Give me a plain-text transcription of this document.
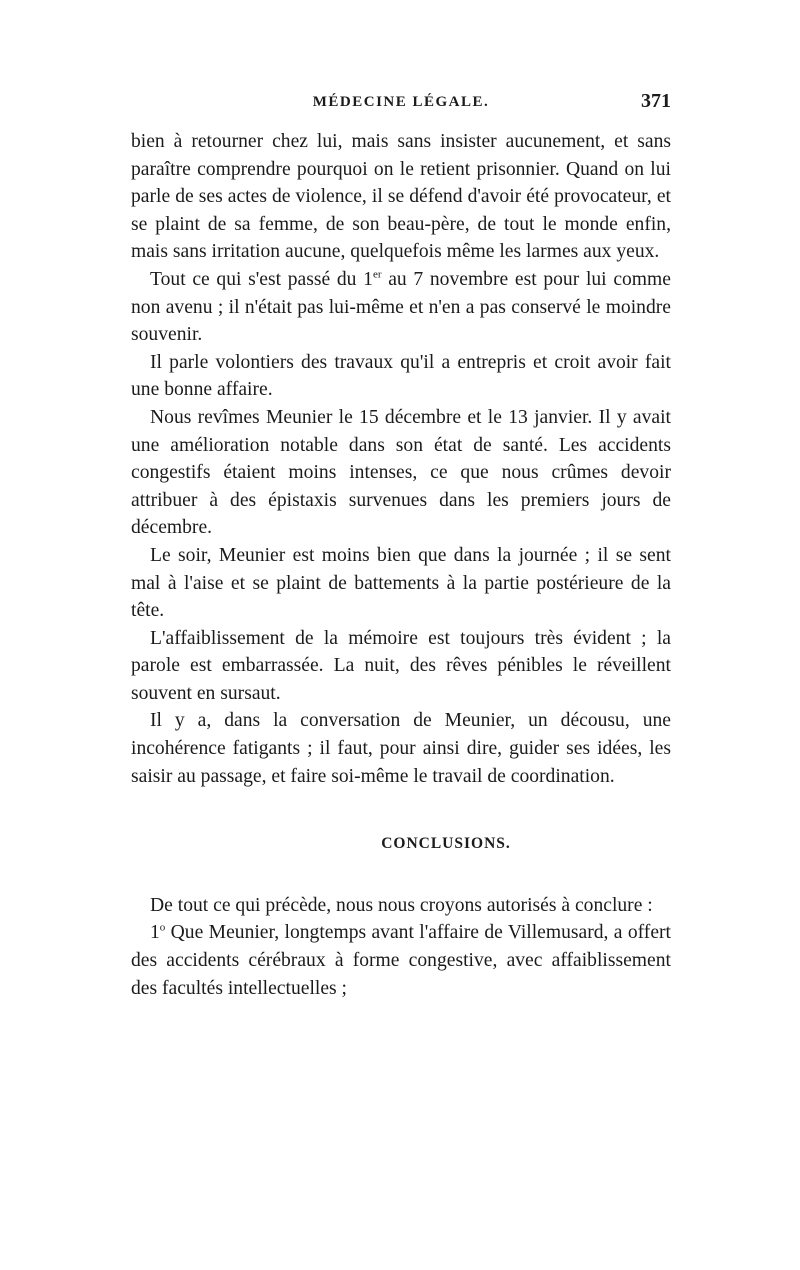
MÉDECINE LÉGALE.	371

bien à retourner chez lui, mais sans insister aucunement, et sans paraître comprendre pourquoi on le retient prisonnier. Quand on lui parle de ses actes de violence, il se défend d'avoir été provocateur, et se plaint de sa femme, de son beau-père, de tout le monde enfin, mais sans irritation aucune, quelquefois même les larmes aux yeux.

Tout ce qui s'est passé du 1er au 7 novembre est pour lui comme non avenu ; il n'était pas lui-même et n'en a pas conservé le moindre souvenir.

Il parle volontiers des travaux qu'il a entrepris et croit avoir fait une bonne affaire.

Nous revîmes Meunier le 15 décembre et le 13 janvier. Il y avait une amélioration notable dans son état de santé. Les accidents congestifs étaient moins intenses, ce que nous crûmes devoir attribuer à des épistaxis survenues dans les premiers jours de décembre.

Le soir, Meunier est moins bien que dans la journée ; il se sent mal à l'aise et se plaint de battements à la partie postérieure de la tête.

L'affaiblissement de la mémoire est toujours très évident ; la parole est embarrassée. La nuit, des rêves pénibles le réveillent souvent en sursaut.

Il y a, dans la conversation de Meunier, un décousu, une incohérence fatigants ; il faut, pour ainsi dire, guider ses idées, les saisir au passage, et faire soi-même le travail de coordination.

CONCLUSIONS.

De tout ce qui précède, nous nous croyons autorisés à conclure :

1$^o$ Que Meunier, longtemps avant l'affaire de Villemusard, a offert des accidents cérébraux à forme congestive, avec affaiblissement des facultés intellectuelles ;
